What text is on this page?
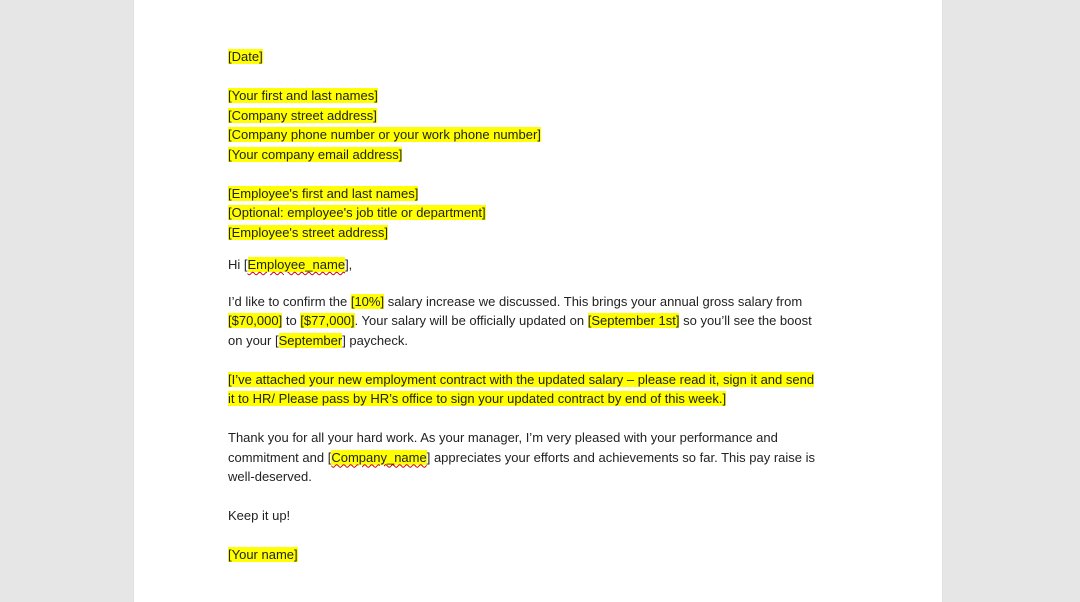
[Date]
[Your first and last names]
[Company street address]
[Company phone number or your work phone number]
[Your company email address]
[Employee's first and last names]
[Optional: employee's job title or department]
[Employee's street address]
Hi [Employee_name],
I’d like to confirm the [10%] salary increase we discussed. This brings your annual gross salary from
[$70,000] to [$77,000]. Your salary will be officially updated on [September 1st] so you’ll see the boost
on your [September] paycheck.
[I’ve attached your new employment contract with the updated salary – please read it, sign it and send
it to HR/ Please pass by HR’s office to sign your updated contract by end of this week.]
Thank you for all your hard work. As your manager, I’m very pleased with your performance and
commitment and [Company_name] appreciates your efforts and achievements so far. This pay raise is
well-deserved.
Keep it up!
[Your name]
